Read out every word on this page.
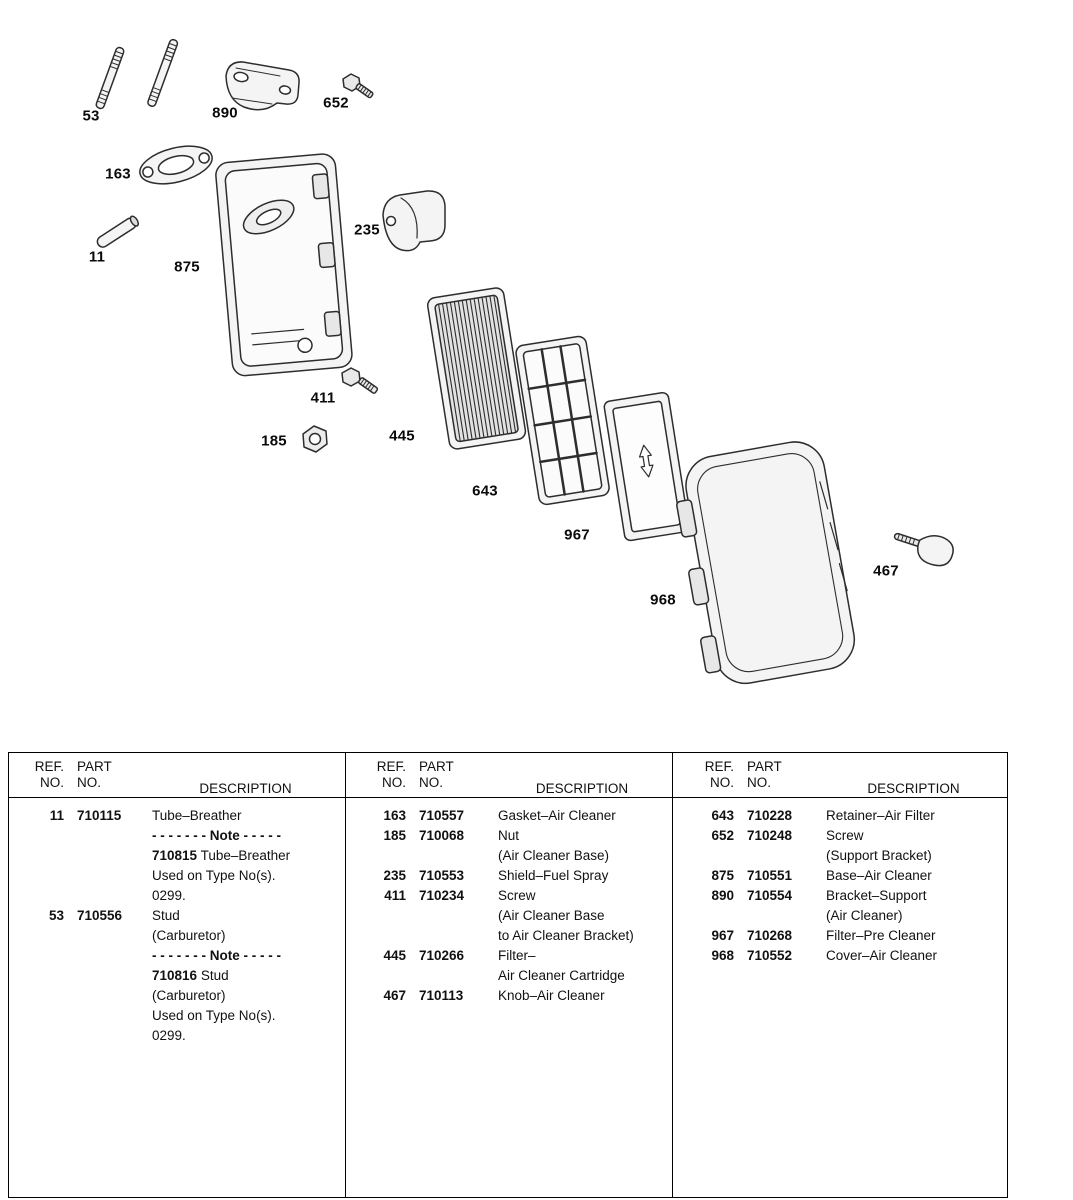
53	890
652
163
11
875
235
411
185	445
643
967
968
467
REF.
NO.
PART
NO.	DESCRIPTION
11 710115	Tube–Breather
- - - - - - - Note - - - - -
710815 Tube–Breather
Used on Type No(s).
0299.
53 710556	Stud
(Carburetor)
- - - - - - - Note - - - - -
710816 Stud
(Carburetor)
Used on Type No(s).
0299.
REF.
NO.
PART
NO.	DESCRIPTION
163 710557	Gasket–Air Cleaner
185 710068	Nut
(Air Cleaner Base)
235 710553	Shield–Fuel Spray
411 710234	Screw
(Air Cleaner Base
to Air Cleaner Bracket)
445 710266	Filter–
Air Cleaner Cartridge
467 710113	Knob–Air Cleaner
REF.
NO.
PART
NO.	DESCRIPTION
643 710228	Retainer–Air Filter
652 710248	Screw
(Support Bracket)
875 710551	Base–Air Cleaner
890 710554	Bracket–Support
(Air Cleaner)
967 710268	Filter–Pre Cleaner
968 710552	Cover–Air Cleaner
